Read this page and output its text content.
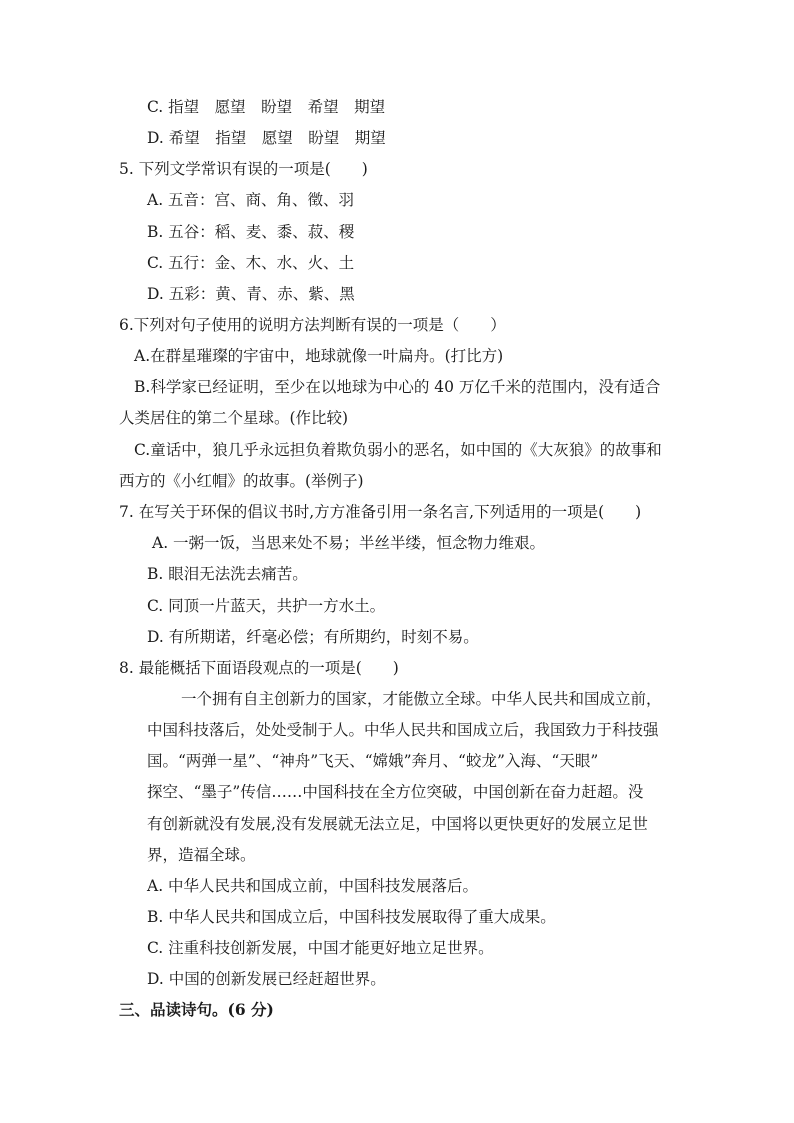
C. 指望　愿望　盼望　希望　期望
D. 希望　指望　愿望　盼望　期望
5. 下列文学常识有误的一项是(　　)
A. 五音：宫、商、角、徵、羽
B. 五谷：稻、麦、黍、菽、稷
C. 五行：金、木、水、火、土
D. 五彩：黄、青、赤、紫、黑
6.下列对句子使用的说明方法判断有误的一项是（　　）
A.在群星璀璨的宇宙中，地球就像一叶扁舟。(打比方)
B.科学家已经证明，至少在以地球为中心的 40 万亿千米的范围内，没有适合
人类居住的第二个星球。(作比较)
C.童话中，狼几乎永远担负着欺负弱小的恶名，如中国的《大灰狼》的故事和
西方的《小红帽》的故事。(举例子)
7. 在写关于环保的倡议书时,方方准备引用一条名言,下列适用的一项是(　　)
A. 一粥一饭，当思来处不易；半丝半缕，恒念物力维艰。
B. 眼泪无法洗去痛苦。
C. 同顶一片蓝天，共护一方水土。
D. 有所期诺，纤毫必偿；有所期约，时刻不易。
8. 最能概括下面语段观点的一项是(　　)
一个拥有自主创新力的国家，才能傲立全球。中华人民共和国成立前，
中国科技落后，处处受制于人。中华人民共和国成立后，我国致力于科技强
国。“两弹一星”、“神舟”飞天、“嫦娥”奔月、“蛟龙”入海、“天眼”
探空、“墨子”传信……中国科技在全方位突破，中国创新在奋力赶超。没
有创新就没有发展,没有发展就无法立足，中国将以更快更好的发展立足世
界，造福全球。
A. 中华人民共和国成立前，中国科技发展落后。
B. 中华人民共和国成立后，中国科技发展取得了重大成果。
C. 注重科技创新发展，中国才能更好地立足世界。
D. 中国的创新发展已经赶超世界。
三、品读诗句。(6 分)
